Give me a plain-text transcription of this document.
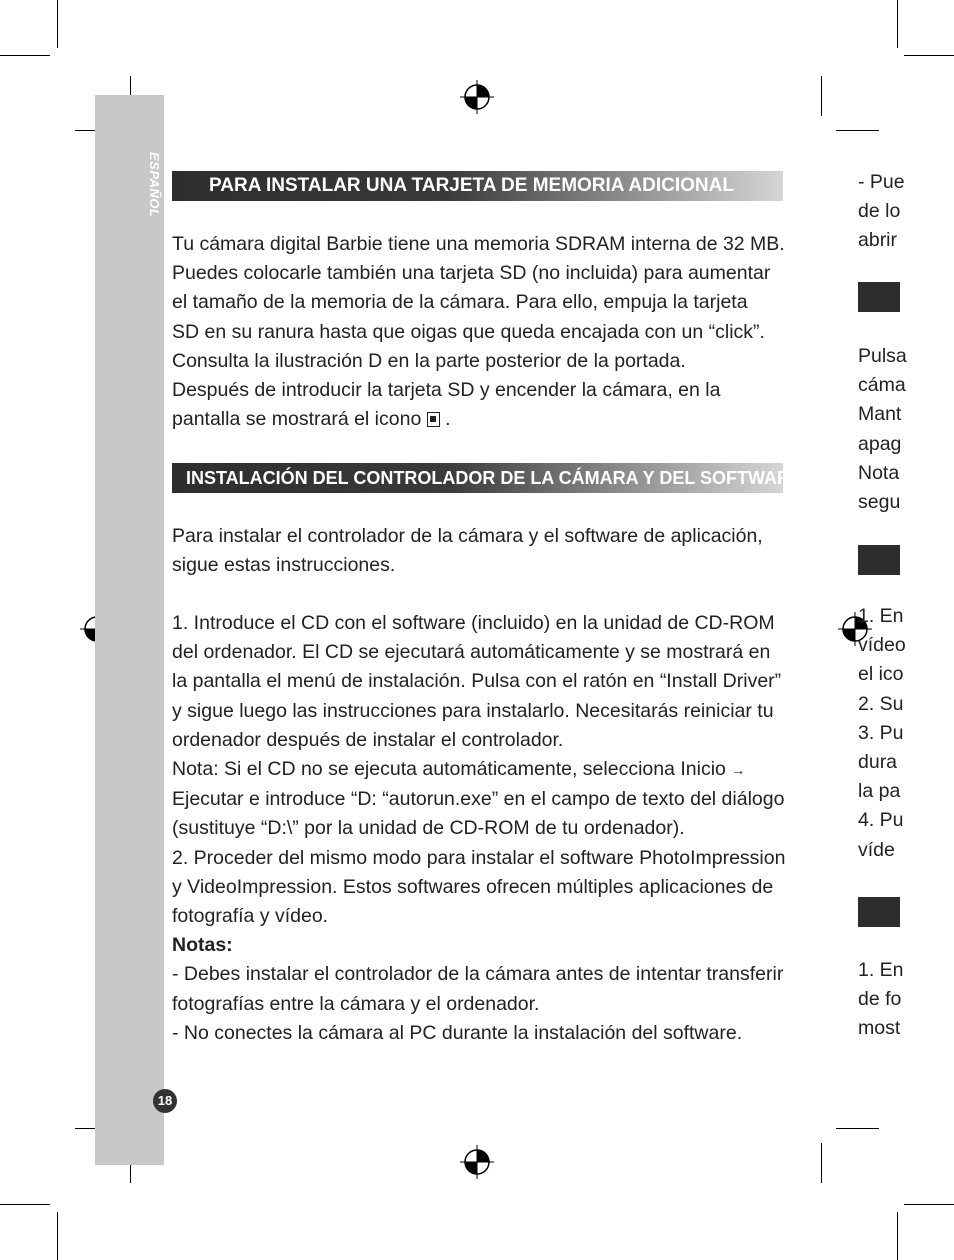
ESPAÑOL
18
PARA INSTALAR UNA TARJETA DE MEMORIA ADICIONAL

Tu cámara digital Barbie tiene una memoria SDRAM interna de 32 MB.

Puedes colocarle también una tarjeta SD (no incluida) para aumentar

el tamaño de la memoria de la cámara. Para ello, empuja la tarjeta

SD en su ranura hasta que oigas que queda encajada con un “click”.

Consulta la ilustración D en la parte posterior de la portada.

Después de introducir la tarjeta SD y encender la cámara, en la

pantalla se mostrará el icono .

INSTALACIÓN DEL CONTROLADOR DE LA CÁMARA Y DEL SOFTWARE

Para instalar el controlador de la cámara y el software de aplicación,

sigue estas instrucciones.

1. Introduce el CD con el software (incluido) en la unidad de CD-ROM

del ordenador. El CD se ejecutará automáticamente y se mostrará en

la pantalla el menú de instalación. Pulsa con el ratón en “Install Driver”

y sigue luego las instrucciones para instalarlo. Necesitarás reiniciar tu

ordenador después de instalar el controlador.

Nota: Si el CD no se ejecuta automáticamente, selecciona Inicio →

Ejecutar e introduce “D: “autorun.exe” en el campo de texto del diálogo

(sustituye “D:\” por la unidad de CD-ROM de tu ordenador).

2. Proceder del mismo modo para instalar el software PhotoImpression

y VideoImpression. Estos softwares ofrecen múltiples aplicaciones de

fotografía y vídeo.

Notas:

- Debes instalar el controlador de la cámara antes de intentar transferir

fotografías entre la cámara y el ordenador.

- No conectes la cámara al PC durante la instalación del software.

- Pue

de lo

abrir

Pulsa

cáma

Mant

apag

Nota

segu

1. En

vídeo

el ico

2. Su

3. Pu

dura

la pa

4. Pu

víde

1. En

de fo

most
